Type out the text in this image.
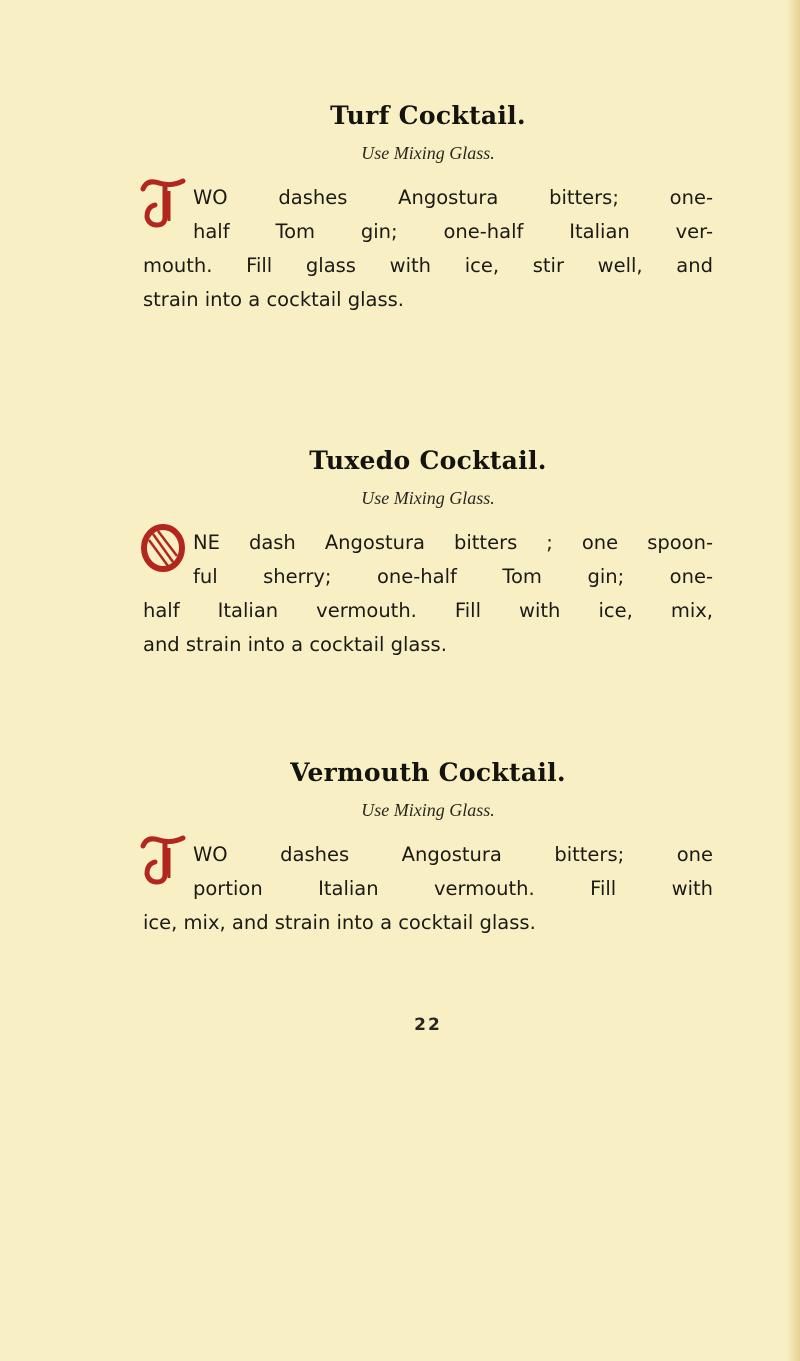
Turf Cocktail.
Use Mixing Glass.
WO dashes Angostura bitters; one-
half Tom gin; one-half Italian ver-
mouth. Fill glass with ice, stir well, and
strain into a cocktail glass.
Tuxedo Cocktail.
Use Mixing Glass.
NE dash Angostura bitters ; one spoon-
ful sherry; one-half Tom gin; one-
half Italian vermouth. Fill with ice, mix,
and strain into a cocktail glass.
Vermouth Cocktail.
Use Mixing Glass.
WO dashes Angostura bitters; one
portion Italian vermouth. Fill with
ice, mix, and strain into a cocktail glass.
22
